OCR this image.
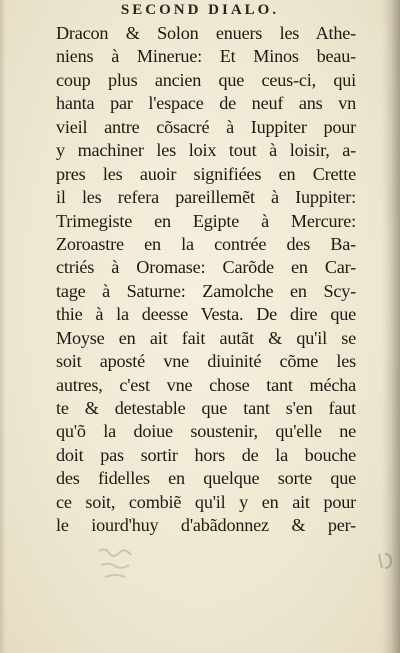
SECOND DIALO.
Dracon & Solon enuers les Athe-
niens à Minerue: Et Minos beau-
coup plus ancien que ceus-ci, qui
hanta par l'espace de neuf ans vn
vieil antre cõsacré à Iuppiter pour
y machiner les loix tout à loisir, a-
pres les auoir signifiées en Crette
il les refera pareillemẽt à Iuppiter:
Trimegiste en Egipte à Mercure:
Zoroastre en la contrée des Ba-
ctriés à Oromase: Carõde en Car-
tage à Saturne: Zamolche en Scy-
thie à la deesse Vesta. De dire que
Moyse en ait fait autãt & qu'il se
soit aposté vne diuinité cõme les
autres, c'est vne chose tant mécha
te & detestable que tant s'en faut
qu'õ la doiue soustenir, qu'elle ne
doit pas sortir hors de la bouche
des fidelles en quelque sorte que
ce soit, combiẽ qu'il y en ait pour
le iourd'huy d'abãdonnez & per-
